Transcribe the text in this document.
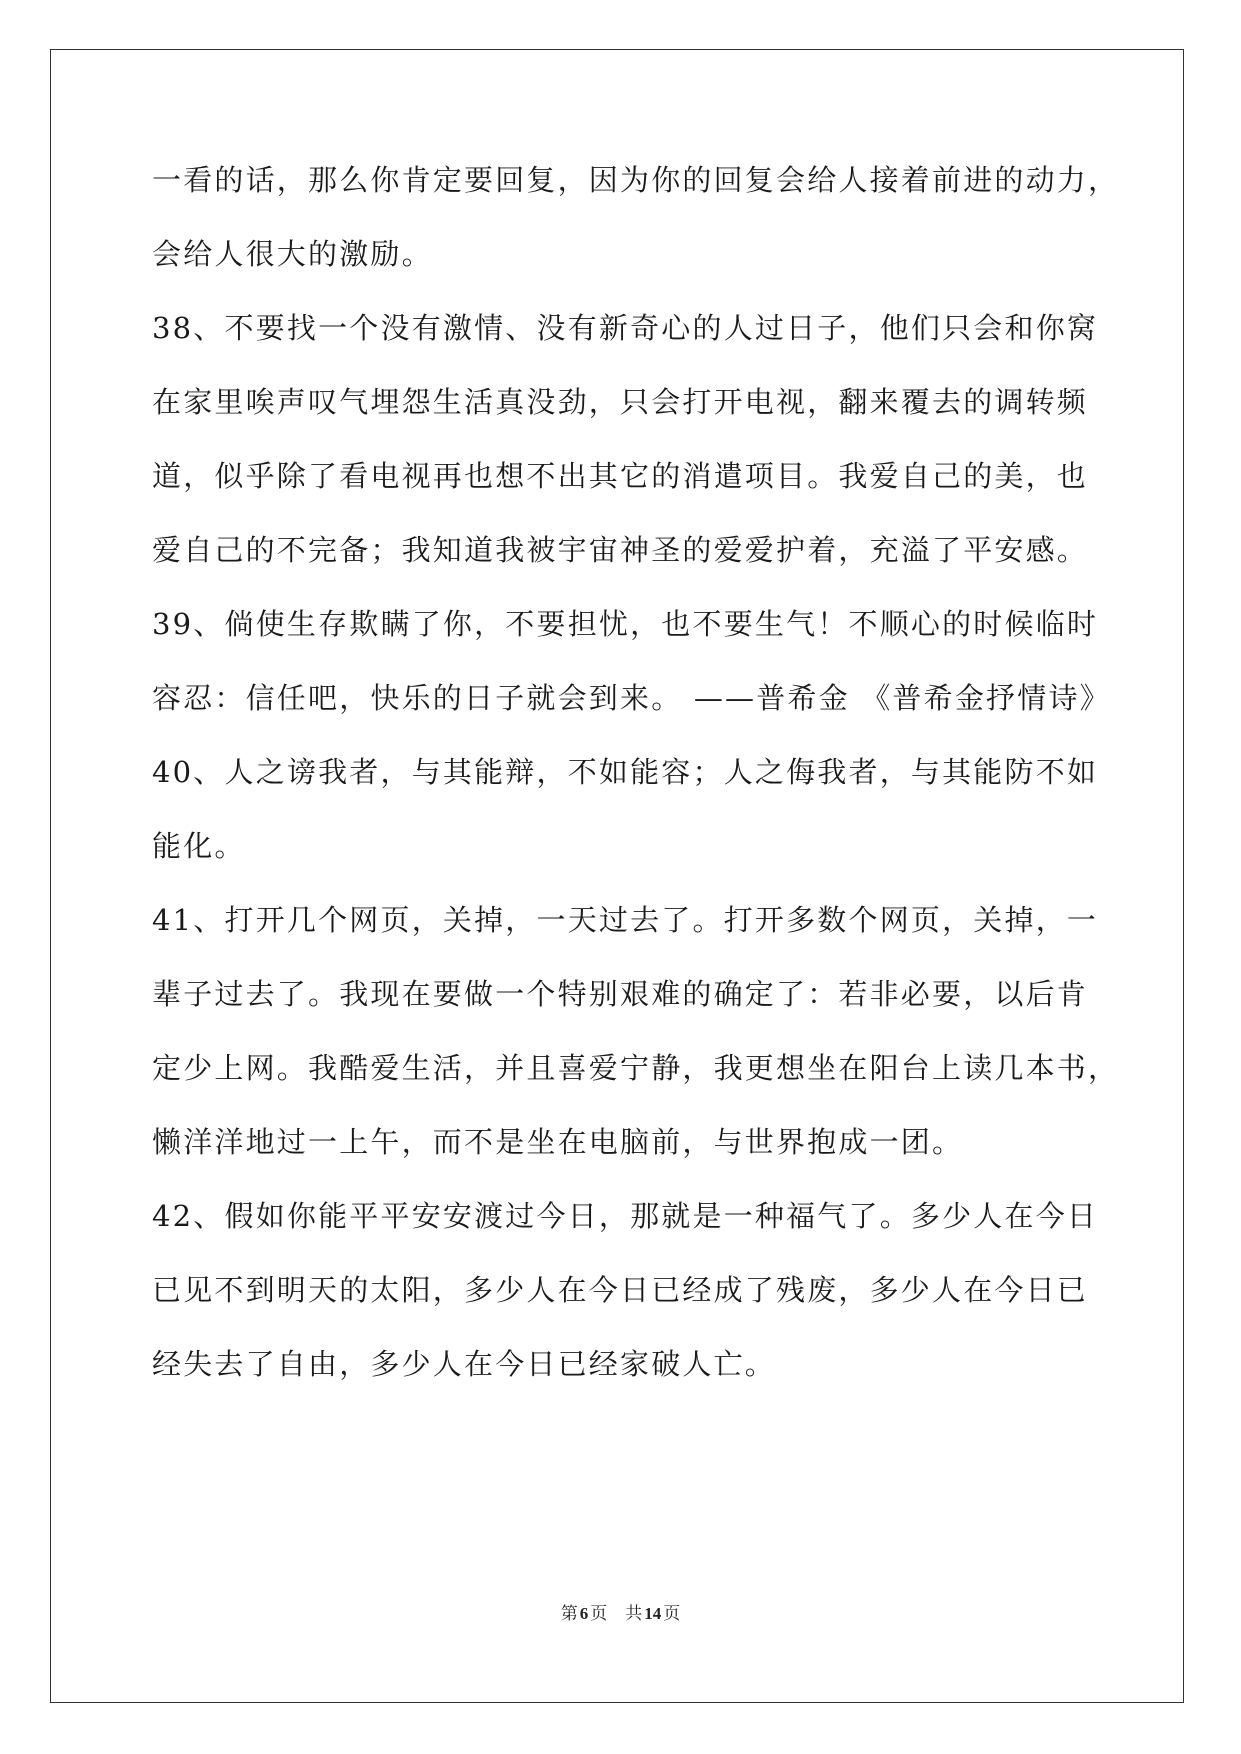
一看的话，那么你肯定要回复，因为你的回复会给人接着前进的动力，
会给人很大的激励。
38、不要找一个没有激情、没有新奇心的人过日子，他们只会和你窝
在家里唉声叹气埋怨生活真没劲，只会打开电视，翻来覆去的调转频
道，似乎除了看电视再也想不出其它的消遣项目。我爱自己的美，也
爱自己的不完备；我知道我被宇宙神圣的爱爱护着，充溢了平安感。
39、倘使生存欺瞒了你，不要担忧，也不要生气！不顺心的时候临时
容忍：信任吧，快乐的日子就会到来。 ——普希金 《普希金抒情诗》
40、人之谤我者，与其能辩，不如能容；人之侮我者，与其能防不如
能化。
41、打开几个网页，关掉，一天过去了。打开多数个网页，关掉，一
辈子过去了。我现在要做一个特别艰难的确定了：若非必要，以后肯
定少上网。我酷爱生活，并且喜爱宁静，我更想坐在阳台上读几本书，
懒洋洋地过一上午，而不是坐在电脑前，与世界抱成一团。
42、假如你能平平安安渡过今日，那就是一种福气了。多少人在今日
已见不到明天的太阳，多少人在今日已经成了残废，多少人在今日已
经失去了自由，多少人在今日已经家破人亡。
第 6 页 共 14 页
